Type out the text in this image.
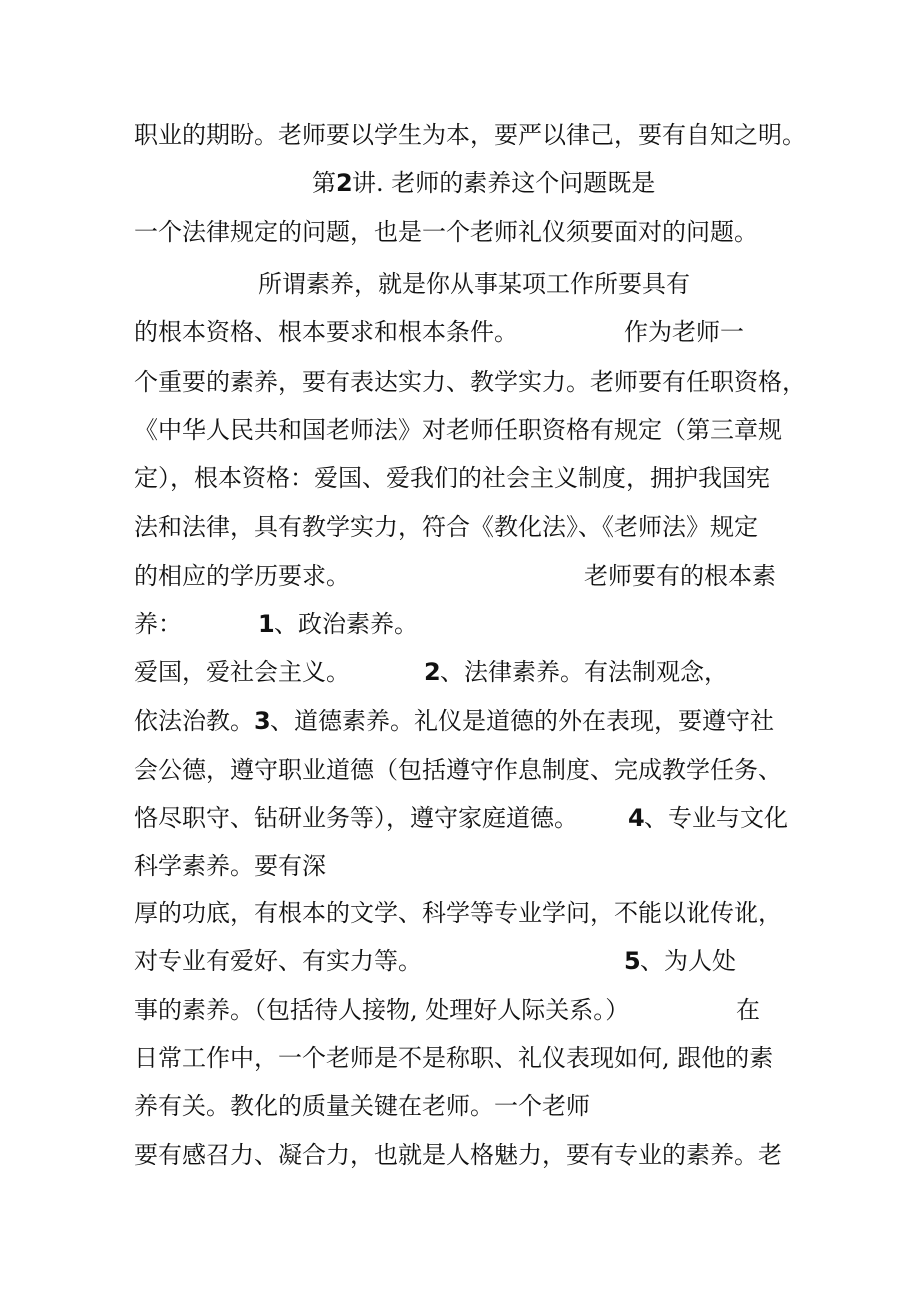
职业的期盼。老师要以学生为本，要严以律己，要有自知之明。
第 2 讲. 老师的素养这个问题既是
一个法律规定的问题，也是一个老师礼仪须要面对的问题。
所谓素养，就是你从事某项工作所要具有
的根本资格、根本要求和根本条件。	作为老师一
个重要的素养，要有表达实力、教学实力。老师要有任职资格，
《中华人民共和国老师法》对老师任职资格有规定（第三章规
定），根本资格：爱国、爱我们的社会主义制度，拥护我国宪
法和法律，具有教学实力，符合《教化法》、《老师法》规定
的相应的学历要求。	老师要有的根本素
养：	1 、政治素养。
爱国，爱社会主义。	2 、法律素养。有法制观念，
依法治教。 3 、道德素养。礼仪是道德的外在表现，要遵守社
会公德，遵守职业道德（包括遵守作息制度、完成教学任务、
恪尽职守、钻研业务等），遵守家庭道德。 4 、专业与文化
科学素养。要有深
厚的功底，有根本的文学、科学等专业学问，不能以讹传讹，
对专业有爱好、有实力等。	5 、为人处
事的素养。（包括待人接物, 处理好人际关系。）	在
日常工作中，一个老师是不是称职、礼仪表现如何, 跟他的素
养有关。教化的质量关键在老师。一个老师
要有感召力、凝合力，也就是人格魅力，要有专业的素养。老
